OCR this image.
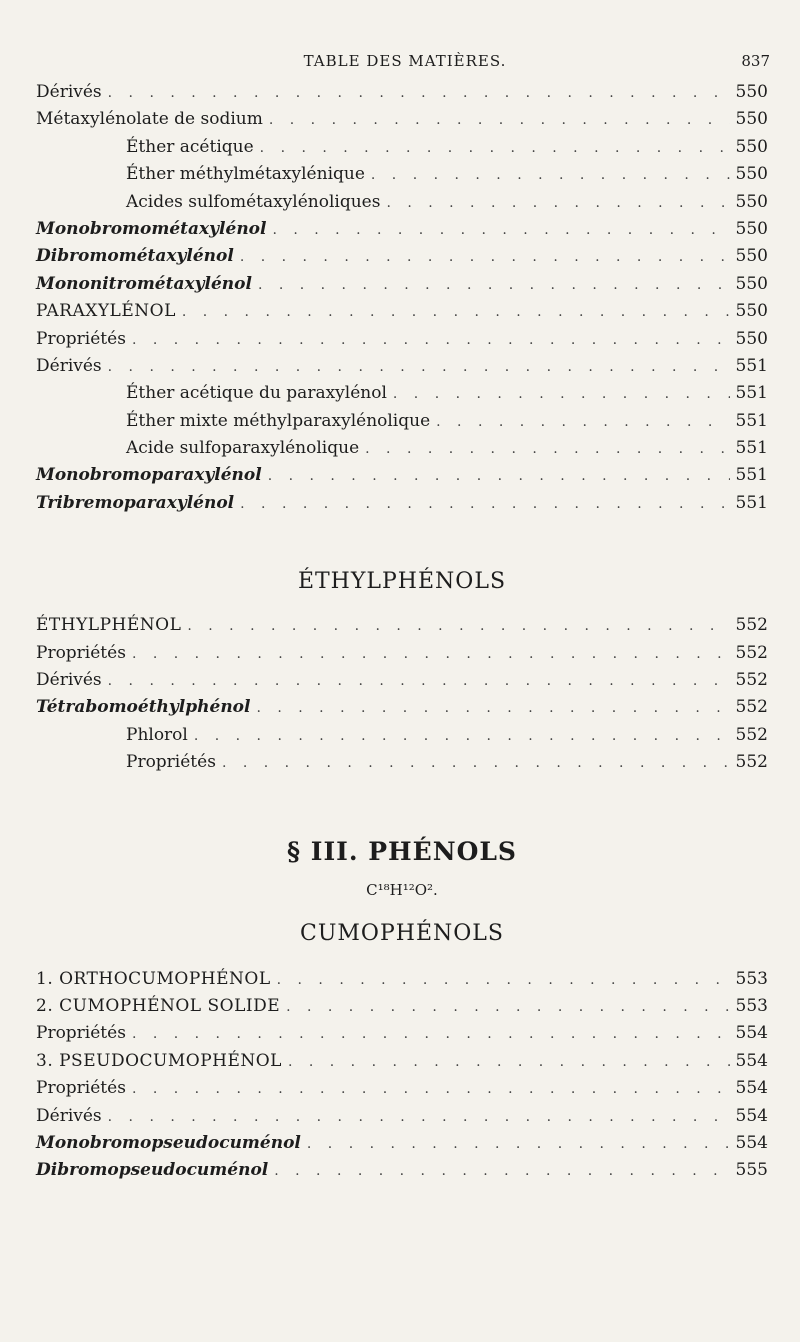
TABLE DES MATIÈRES.	837
Dérivés . . .	550
Métaxylénolate de sodium . . .	550
Éther acétique . . .	550
Éther méthylmétaxylénique . . .	550
Acides sulfométaxylénoliques . . .	550
Monobromométaxylénol . . .	550
Dibromométaxylénol . . .	550
Mononitrométaxylénol . . .	550
PARAXYLÉNOL . . .	550
Propriétés . . .	550
Dérivés . . .	551
Éther acétique du paraxylénol . . .	551
Éther mixte méthylparaxylénolique . . .	551
Acide sulfoparaxylénolique . . .	551
Monobromoparaxylénol . . .	551
Tribremoparaxylénol . . .	551
ÉTHYLPHÉNOLS
ÉTHYLPHÉNOL . . .	552
Propriétés . . .	552
Dérivés . . .	552
Tétrabomoéthylphénol . . .	552
Phlorol . . .	552
Propriétés . . .	552
§ III. PHÉNOLS
C¹⁸H¹²O².
CUMOPHÉNOLS
1. ORTHOCUMOPHÉNOL . . .	553
2. CUMOPHÉNOL SOLIDE . . .	553
Propriétés . . .	554
3. PSEUDOCUMOPHÉNOL . . .	554
Propriétés . . .	554
Dérivés . . .	554
Monobromopseudocuménol . . .	554
Dibromopseudocuménol . . .	555
